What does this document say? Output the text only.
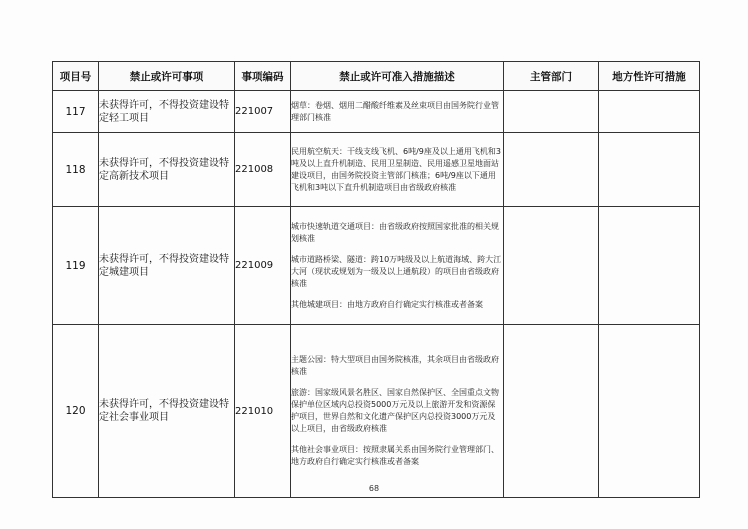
项目号	禁止或许可事项	事项编码	禁止或许可准入措施描述	主管部门	地方性许可措施
117	未获得许可，不得投资建设特定轻工项目	221007	烟草：卷烟、烟用二醋酸纤维素及丝束项目由国务院行业管理部门核准		

118	未获得许可，不得投资建设特定高新技术项目	221008	民用航空航天：干线支线飞机、6吨/9座及以上通用飞机和3吨及以上直升机制造、民用卫星制造、民用遥感卫星地面站建设项目，由国务院投资主管部门核准；6吨/9座以下通用飞机和3吨以下直升机制造项目由省级政府核准		

119	未获得许可，不得投资建设特定城建项目	221009	城市快速轨道交通项目：由省级政府按照国家批准的相关规划核准

城市道路桥梁、隧道：跨10万吨级及以上航道海域、跨大江大河（现状或规划为一级及以上通航段）的项目由省级政府核准

其他城建项目：由地方政府自行确定实行核准或者备案		

120	未获得许可，不得投资建设特定社会事业项目	221010	主题公园：特大型项目由国务院核准，其余项目由省级政府核准

旅游：国家级风景名胜区、国家自然保护区、全国重点文物保护单位区域内总投资5000万元及以上旅游开发和资源保护项目，世界自然和文化遗产保护区内总投资3000万元及以上项目，由省级政府核准

其他社会事业项目：按照隶属关系由国务院行业管理部门、地方政府自行确定实行核准或者备案		

68
